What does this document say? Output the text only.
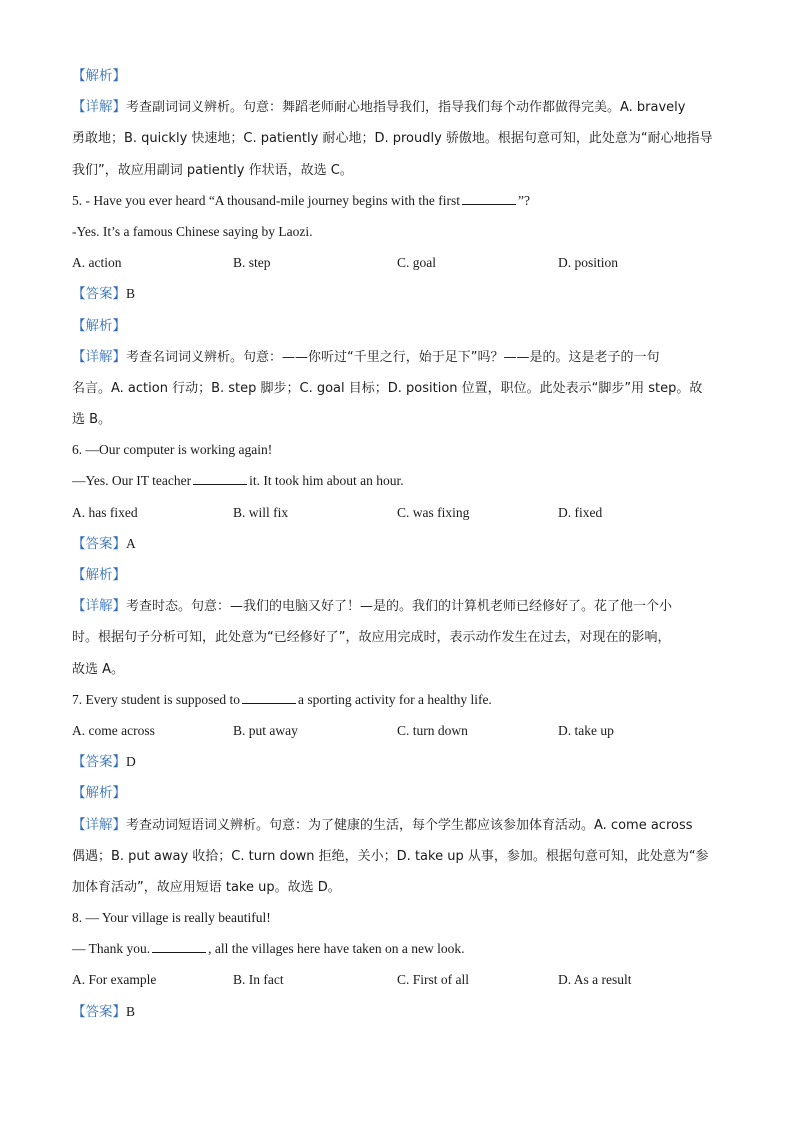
【解析】
【详解】考查副词词义辨析。句意：舞蹈老师耐心地指导我们，指导我们每个动作都做得完美。A. bravely
勇敢地；B. quickly 快速地；C. patiently 耐心地；D. proudly 骄傲地。根据句意可知，此处意为“耐心地指导
我们”，故应用副词 patiently 作状语，故选 C。
5. - Have you ever heard “A thousand-mile journey begins with the first	”?
-Yes. It’s a famous Chinese saying by Laozi.
A. action	B. step	C. goal	D. position
【答案】B
【解析】
【详解】考查名词词义辨析。句意：——你听过“千里之行，始于足下”吗？——是的。这是老子的一句
名言。A. action 行动；B. step 脚步；C. goal 目标；D. position 位置，职位。此处表示“脚步”用 step。故
选 B。
6. —Our computer is working again!
—Yes. Our IT teacher	it. It took him about an hour.
A. has fixed	B. will fix	C. was fixing	D. fixed
【答案】A
【解析】
【详解】考查时态。句意：—我们的电脑又好了！—是的。我们的计算机老师已经修好了。花了他一个小
时。根据句子分析可知，此处意为“已经修好了”，故应用完成时，表示动作发生在过去，对现在的影响，
故选 A。
7. Every student is supposed to	a sporting activity for a healthy life.
A. come across	B. put away	C. turn down	D. take up
【答案】D
【解析】
【详解】考查动词短语词义辨析。句意：为了健康的生活，每个学生都应该参加体育活动。A. come across
偶遇；B. put away 收拾；C. turn down 拒绝，关小；D. take up 从事，参加。根据句意可知，此处意为“参
加体育活动”，故应用短语 take up。故选 D。
8. — Your village is really beautiful!
— Thank you.	, all the villages here have taken on a new look.
A. For example	B. In fact	C. First of all	D. As a result
【答案】B
